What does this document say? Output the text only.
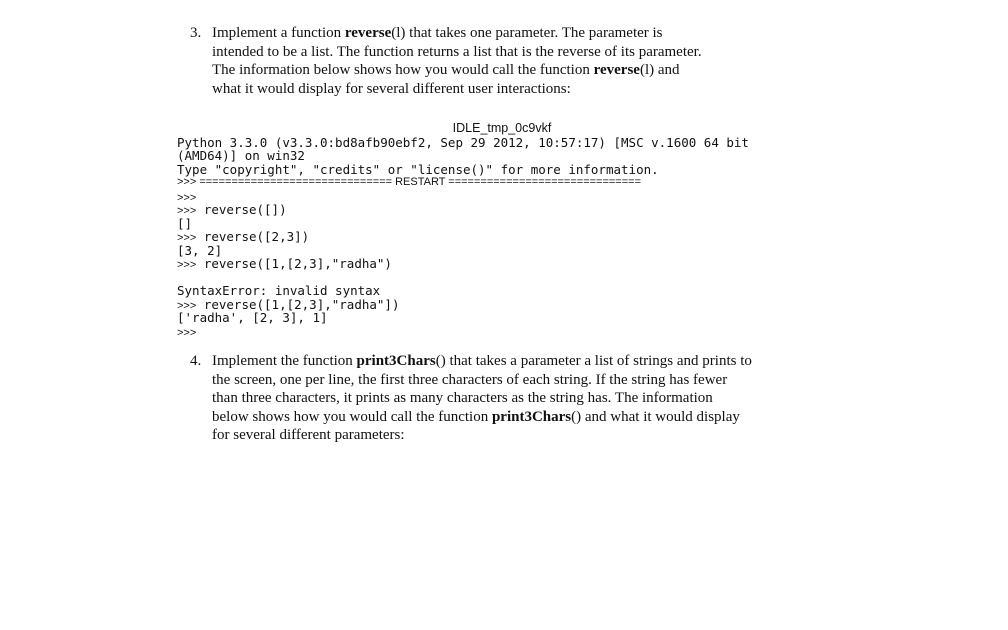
3. Implement a function reverse(l) that takes one parameter. The parameter is
intended to be a list. The function returns a list that is the reverse of its parameter.
The information below shows how you would call the function reverse(l) and
what it would display for several different user interactions:
IDLE_tmp_0c9vkf
Python 3.3.0 (v3.3.0:bd8afb90ebf2, Sep 29 2012, 10:57:17) [MSC v.1600 64 bit
(AMD64)] on win32
Type "copyright", "credits" or "license()" for more information.
>>> ============================== RESTART ==============================
>>>
>>> reverse([])
[]
>>> reverse([2,3])
[3, 2]
>>> reverse([1,[2,3],"radha")
SyntaxError: invalid syntax
>>> reverse([1,[2,3],"radha"])
['radha', [2, 3], 1]
>>>
4. Implement the function print3Chars() that takes a parameter a list of strings and prints to
the screen, one per line, the first three characters of each string. If the string has fewer
than three characters, it prints as many characters as the string has. The information
below shows how you would call the function print3Chars() and what it would display
for several different parameters:
